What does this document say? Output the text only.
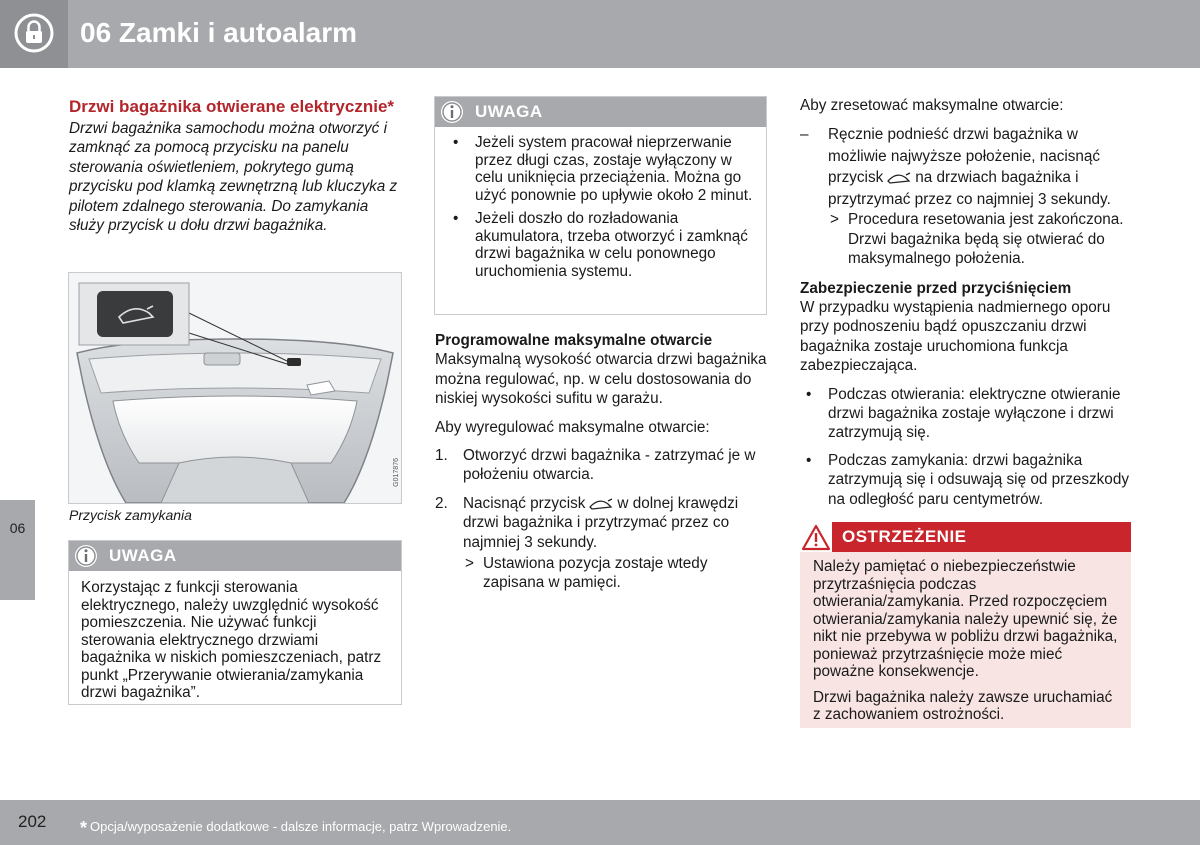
06 Zamki i autoalarm
06

Drzwi bagażnika otwierane elektrycznie*

Drzwi bagażnika samochodu można otworzyć i zamknąć za pomocą przycisku na panelu sterowania oświetleniem, pokrytego gumą przycisku pod klamką zewnętrzną lub kluczyka z pilotem zdalnego sterowania. Do zamykania służy przycisk u dołu drzwi bagażnika.

G017876
Przycisk zamykania
UWAGA
Korzystając z funkcji sterowania elektrycznego, należy uwzględnić wysokość pomieszczenia. Nie używać funkcji sterowania elektrycznego drzwiami bagażnika w niskich pomieszczeniach, patrz punkt „Przerywanie otwierania/zamykania drzwi bagażnika”.
UWAGA

• Jeżeli system pracował nieprzerwanie przez długi czas, zostaje wyłączony w celu uniknięcia przeciążenia. Można go użyć ponownie po upływie około 2 minut.

• Jeżeli doszło do rozładowania akumulatora, trzeba otworzyć i zamknąć drzwi bagażnika w celu ponownego uruchomienia systemu.

Programowalne maksymalne otwarcie

Maksymalną wysokość otwarcia drzwi bagażnika można regulować, np. w celu dostosowania do niskiej wysokości sufitu w garażu.

Aby wyregulować maksymalne otwarcie:

1. Otworzyć drzwi bagażnika - zatrzymać je w położeniu otwarcia.
2. Nacisnąć przycisk w dolnej krawędzi drzwi bagażnika i przytrzymać przez co najmniej 3 sekundy.

> Ustawiona pozycja zostaje wtedy zapisana w pamięci.

Aby zresetować maksymalne otwarcie:

– Ręcznie podnieść drzwi bagażnika w możliwie najwyższe położenie, nacisnąć przycisk na drzwiach bagażnika i przytrzymać przez co najmniej 3 sekundy.

> Procedura resetowania jest zakończona. Drzwi bagażnika będą się otwierać do maksymalnego położenia.

Zabezpieczenie przed przyciśnięciem

W przypadku wystąpienia nadmiernego oporu przy podnoszeniu bądź opuszczaniu drzwi bagażnika zostaje uruchomiona funkcja zabezpieczająca.

• Podczas otwierania: elektryczne otwieranie drzwi bagażnika zostaje wyłączone i drzwi zatrzymują się.

• Podczas zamykania: drzwi bagażnika zatrzymują się i odsuwają się od przeszkody na odległość paru centymetrów.

OSTRZEŻENIE

Należy pamiętać o niebezpieczeństwie przytrzaśnięcia podczas otwierania/zamykania. Przed rozpoczęciem otwierania/zamykania należy upewnić się, że nikt nie przebywa w pobliżu drzwi bagażnika, ponieważ przytrzaśnięcie może mieć poważne konsekwencje.

Drzwi bagażnika należy zawsze uruchamiać z zachowaniem ostrożności.

202 * Opcja/wyposażenie dodatkowe - dalsze informacje, patrz Wprowadzenie.
